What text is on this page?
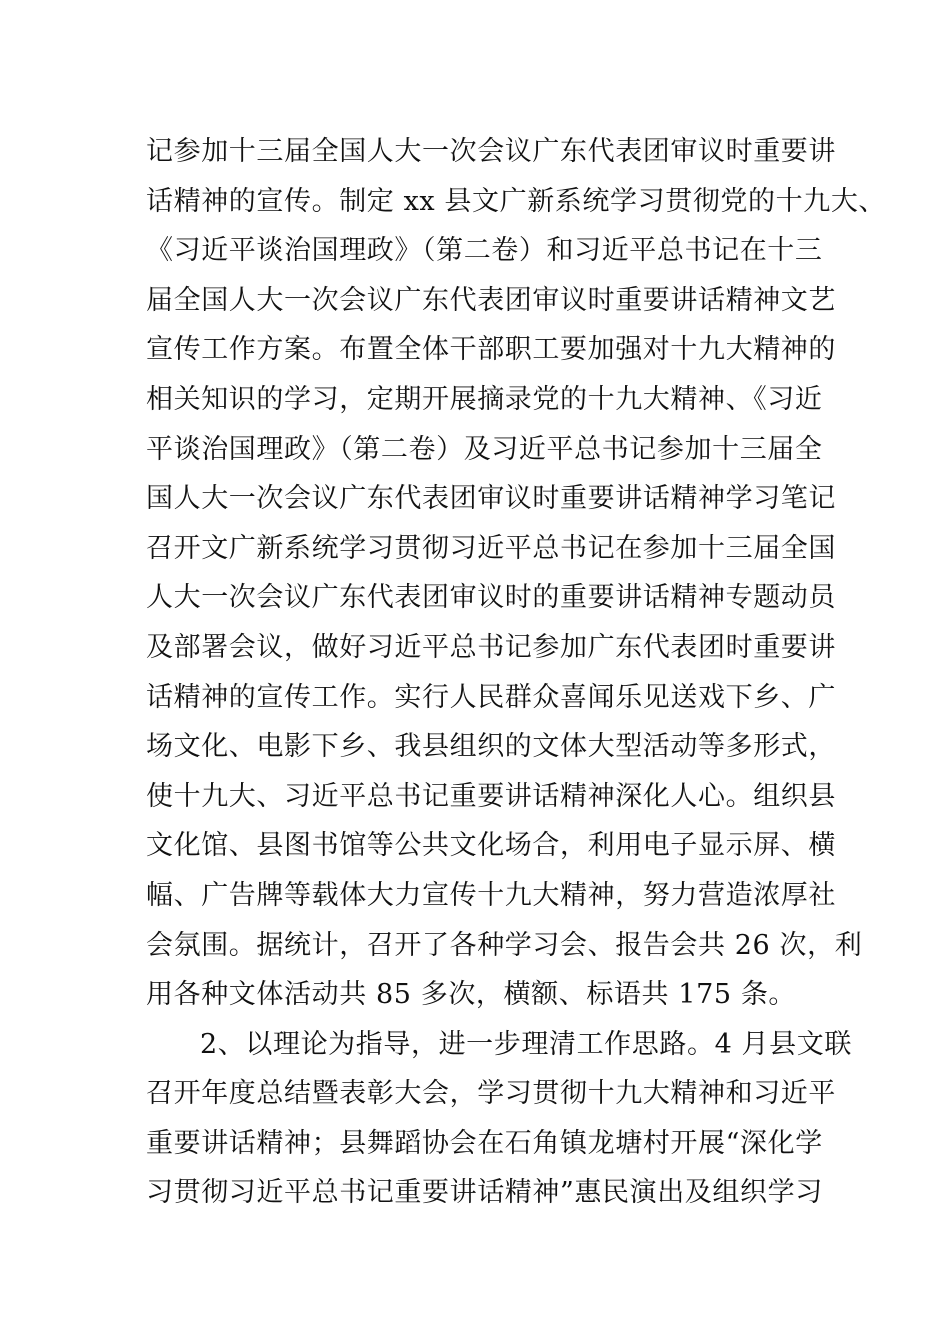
记参加十三届全国人大一次会议广东代表团审议时重要讲
话精神的宣传。制定 xx 县文广新系统学习贯彻党的十九大、
《习近平谈治国理政》（第二卷）和习近平总书记在十三
届全国人大一次会议广东代表团审议时重要讲话精神文艺
宣传工作方案。布置全体干部职工要加强对十九大精神的
相关知识的学习，定期开展摘录党的十九大精神、《习近
平谈治国理政》（第二卷）及习近平总书记参加十三届全
国人大一次会议广东代表团审议时重要讲话精神学习笔记
召开文广新系统学习贯彻习近平总书记在参加十三届全国
人大一次会议广东代表团审议时的重要讲话精神专题动员
及部署会议，做好习近平总书记参加广东代表团时重要讲
话精神的宣传工作。实行人民群众喜闻乐见送戏下乡、广
场文化、电影下乡、我县组织的文体大型活动等多形式，
使十九大、习近平总书记重要讲话精神深化人心。组织县
文化馆、县图书馆等公共文化场合，利用电子显示屏、横
幅、广告牌等载体大力宣传十九大精神，努力营造浓厚社
会氛围。据统计，召开了各种学习会、报告会共 26 次，利
用各种文体活动共 85 多次，横额、标语共 175 条。
2、以理论为指导，进一步理清工作思路。4 月县文联
召开年度总结暨表彰大会，学习贯彻十九大精神和习近平
重要讲话精神；县舞蹈协会在石角镇龙塘村开展“深化学
习贯彻习近平总书记重要讲话精神”惠民演出及组织学习
